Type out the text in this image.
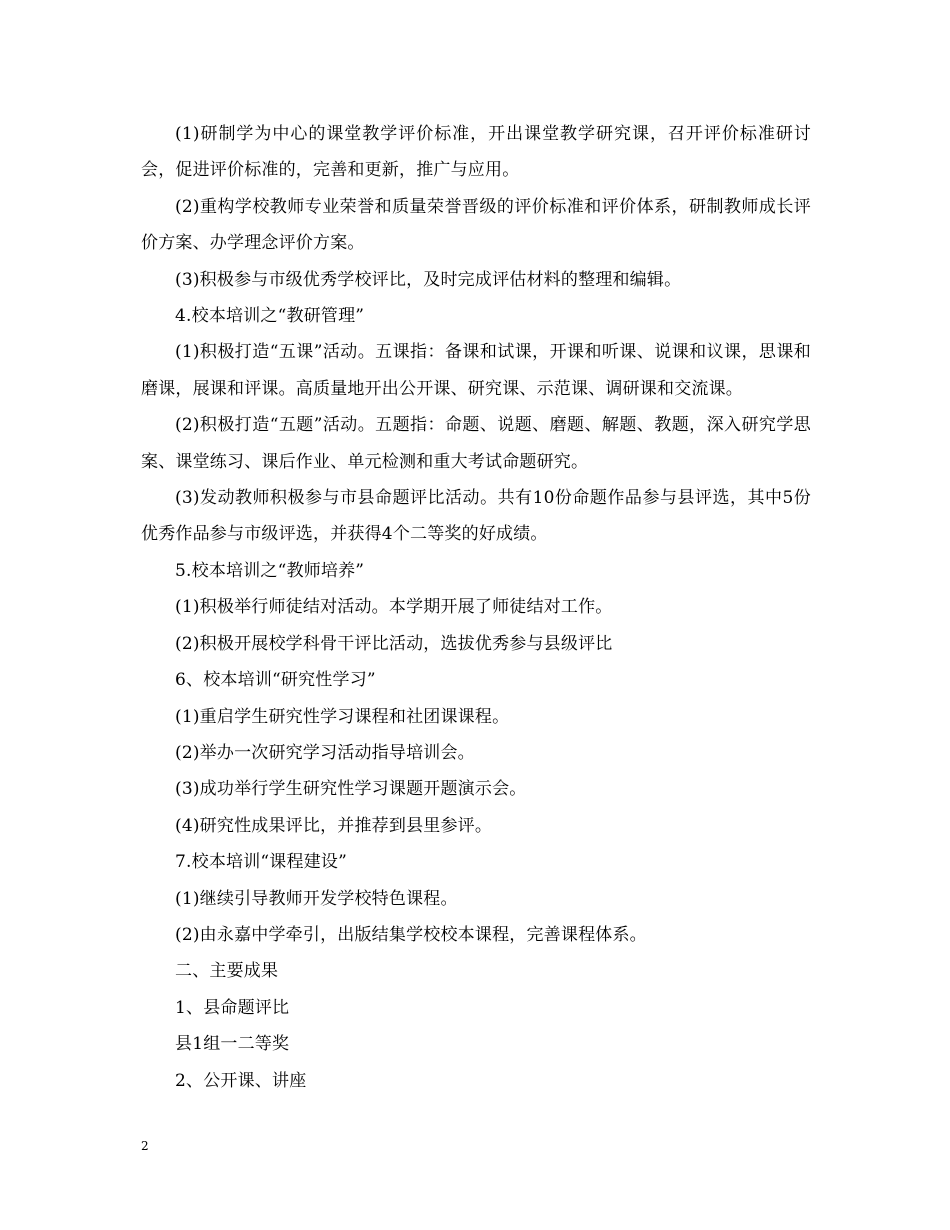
(1)研制学为中心的课堂教学评价标准，开出课堂教学研究课，召开评价标准研讨会，促进评价标准的，完善和更新，推广与应用。

(2)重构学校教师专业荣誉和质量荣誉晋级的评价标准和评价体系，研制教师成长评价方案、办学理念评价方案。

(3)积极参与市级优秀学校评比，及时完成评估材料的整理和编辑。

4.校本培训之“教研管理”

(1)积极打造“五课”活动。五课指：备课和试课，开课和听课、说课和议课，思课和磨课，展课和评课。高质量地开出公开课、研究课、示范课、调研课和交流课。

(2)积极打造“五题”活动。五题指：命题、说题、磨题、解题、教题，深入研究学思案、课堂练习、课后作业、单元检测和重大考试命题研究。

(3)发动教师积极参与市县命题评比活动。共有10份命题作品参与县评选，其中5份优秀作品参与市级评选，并获得4个二等奖的好成绩。

5.校本培训之“教师培养”

(1)积极举行师徒结对活动。本学期开展了师徒结对工作。

(2)积极开展校学科骨干评比活动，选拔优秀参与县级评比

6、校本培训“研究性学习”

(1)重启学生研究性学习课程和社团课课程。

(2)举办一次研究学习活动指导培训会。

(3)成功举行学生研究性学习课题开题演示会。

(4)研究性成果评比，并推荐到县里参评。

7.校本培训“课程建设”

(1)继续引导教师开发学校特色课程。

(2)由永嘉中学牵引，出版结集学校校本课程，完善课程体系。

二、主要成果

1、县命题评比

县1组一二等奖

2、公开课、讲座

2
